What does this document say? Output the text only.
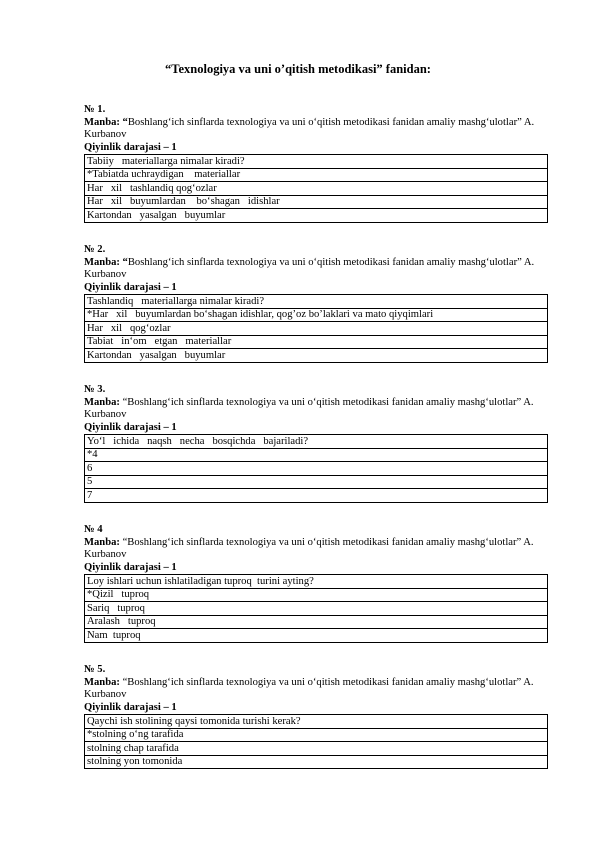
“Texnologiya va uni o’qitish metodikasi” fanidan:
№ 1.
Manba: “Boshlang‘ich sinflarda texnologiya va uni o‘qitish metodikasi fanidan amaliy mashg‘ulotlar” A. Kurbanov
Qiyinlik darajasi – 1
Tabiiy   materiallarga nimalar kiradi?
*Tabiatda uchraydigan    materiallar
Har   xil   tashlandiq qog‘ozlar
Har   xil   buyumlardan    bo‘shagan   idishlar
Kartondan   yasalgan   buyumlar
№ 2.
Manba: “Boshlang‘ich sinflarda texnologiya va uni o‘qitish metodikasi fanidan amaliy mashg‘ulotlar” A. Kurbanov
Qiyinlik darajasi – 1
Tashlandiq   materiallarga nimalar kiradi?
*Har   xil   buyumlardan bo‘shagan idishlar, qog’oz bo’laklari va mato qiyqimlari
Har   xil   qog‘ozlar
Tabiat   in‘om   etgan   materiallar
Kartondan   yasalgan   buyumlar
№ 3.
Manba: “Boshlang‘ich sinflarda texnologiya va uni o‘qitish metodikasi fanidan amaliy mashg‘ulotlar” A. Kurbanov
Qiyinlik darajasi – 1
Yo‘l   ichida   naqsh   necha   bosqichda   bajariladi?
*4
6
5
7
№ 4
Manba: “Boshlang‘ich sinflarda texnologiya va uni o‘qitish metodikasi fanidan amaliy mashg‘ulotlar” A. Kurbanov
Qiyinlik darajasi – 1
Loy ishlari uchun ishlatiladigan tuproq  turini ayting?
*Qizil   tuproq
Sariq   tuproq
Aralash   tuproq
Nam  tuproq
№ 5.
Manba: “Boshlang‘ich sinflarda texnologiya va uni o‘qitish metodikasi fanidan amaliy mashg‘ulotlar” A. Kurbanov
Qiyinlik darajasi – 1
Qaychi ish stolining qaysi tomonida turishi kerak?
*stolning o‘ng tarafida
stolning chap tarafida
stolning yon tomonida
